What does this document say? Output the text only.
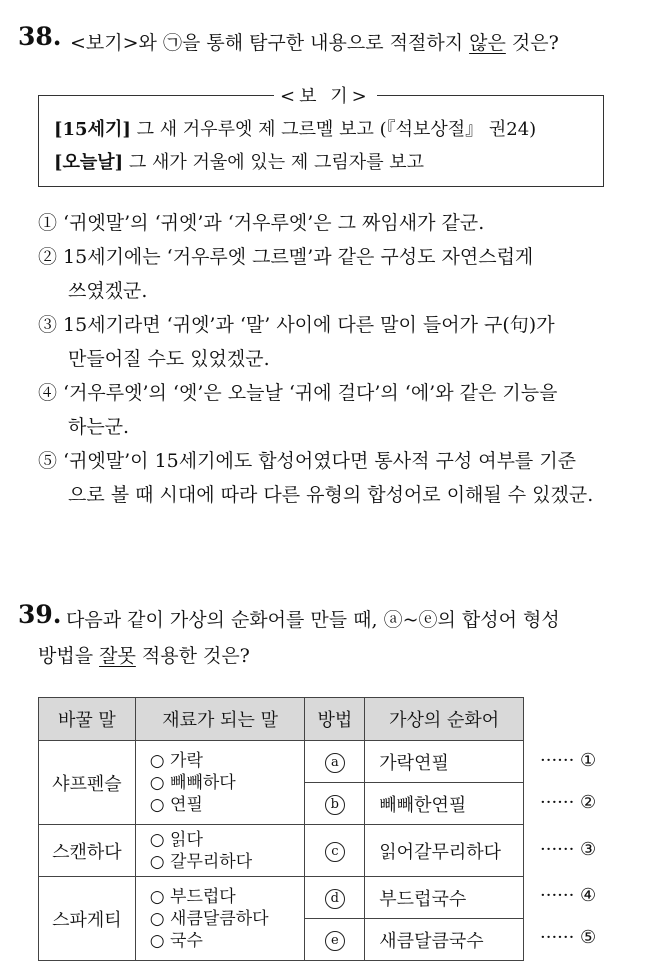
38. <보기>와 ㉠을 통해 탐구한 내용으로 적절하지 않은 것은?
<보 기>
[15세기] 그 새 거우루엣 제 그르멜 보고 (『석보상절』 권24)
[오늘날] 그 새가 거울에 있는 제 그림자를 보고
① ‘귀엣말’의 ‘귀엣’과 ‘거우루엣’은 그 짜임새가 같군.
② 15세기에는 ‘거우루엣 그르멜’과 같은 구성도 자연스럽게
쓰였겠군.
③ 15세기라면 ‘귀엣’과 ‘말’ 사이에 다른 말이 들어가 구(句)가
만들어질 수도 있었겠군.
④ ‘거우루엣’의 ‘엣’은 오늘날 ‘귀에 걸다’의 ‘에’와 같은 기능을
하는군.
⑤ ‘귀엣말’이 15세기에도 합성어였다면 통사적 구성 여부를 기준
으로 볼 때 시대에 따라 다른 유형의 합성어로 이해될 수 있겠군.
39. 다음과 같이 가상의 순화어를 만들 때, ⓐ~ⓔ의 합성어 형성
방법을 잘못 적용한 것은?
바꿀 말	재료가 되는 말	방법	가상의 순화어
샤프펜슬	○ 가락
○ 빼빼하다
○ 연필	a	가락연필
		b	빼빼한연필
스캔하다	○ 읽다
○ 갈무리하다	c	읽어갈무리하다
스파게티	○ 부드럽다
○ 새큼달큼하다
○ 국수	d	부드럽국수
		e	새큼달큼국수
······ ①
······ ②
······ ③
······ ④
······ ⑤
